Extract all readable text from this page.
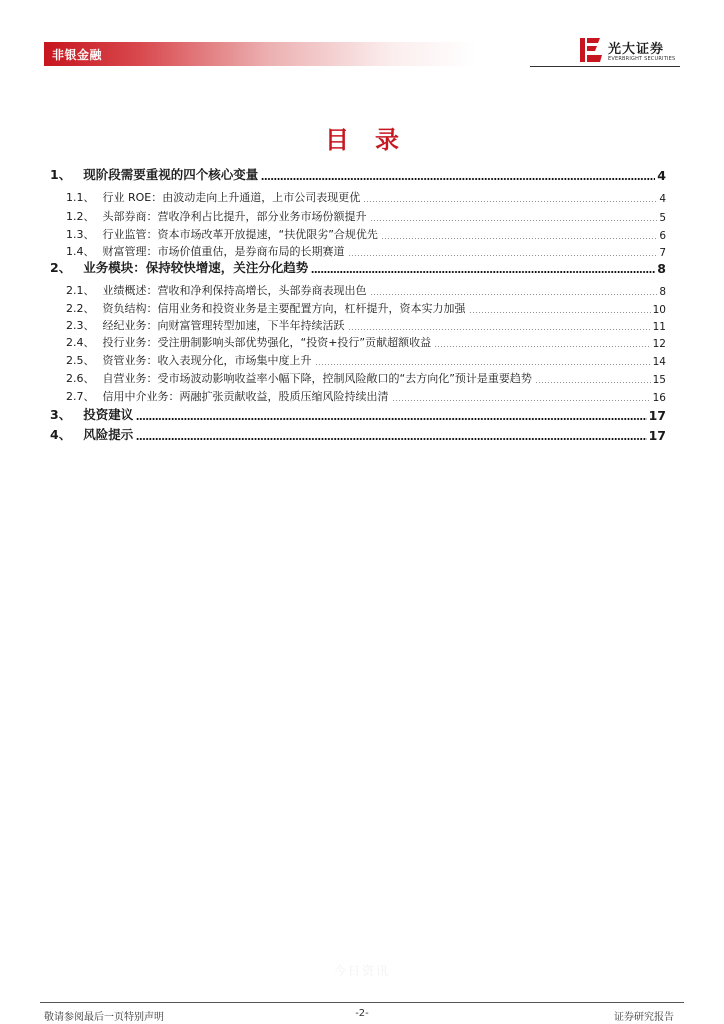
非银金融	光大证券
EVERBRIGHT SECURITIES
目录
1、 现阶段需要重视的四个核心变量	4
1.1、 行业 ROE：由波动走向上升通道，上市公司表现更优	4
1.2、 头部券商：营收净利占比提升，部分业务市场份额提升	5
1.3、 行业监管：资本市场改革开放提速，“扶优限劣”合规优先	6
1.4、 财富管理：市场价值重估，是券商布局的长期赛道	7
2、 业务模块：保持较快增速，关注分化趋势	8
2.1、 业绩概述：营收和净利保持高增长，头部券商表现出色	8
2.2、 资负结构：信用业务和投资业务是主要配置方向，杠杆提升，资本实力加强	10
2.3、 经纪业务：向财富管理转型加速，下半年持续活跃	11
2.4、 投行业务：受注册制影响头部优势强化，“投资+投行”贡献超额收益	12
2.5、 资管业务：收入表现分化，市场集中度上升	14
2.6、 自营业务：受市场波动影响收益率小幅下降，控制风险敞口的“去方向化”预计是重要趋势	15
2.7、 信用中介业务：两融扩张贡献收益，股质压缩风险持续出清	16
3、 投资建议	17
4、 风险提示	17
今日资讯
敬请参阅最后一页特别声明	-2-	证券研究报告
